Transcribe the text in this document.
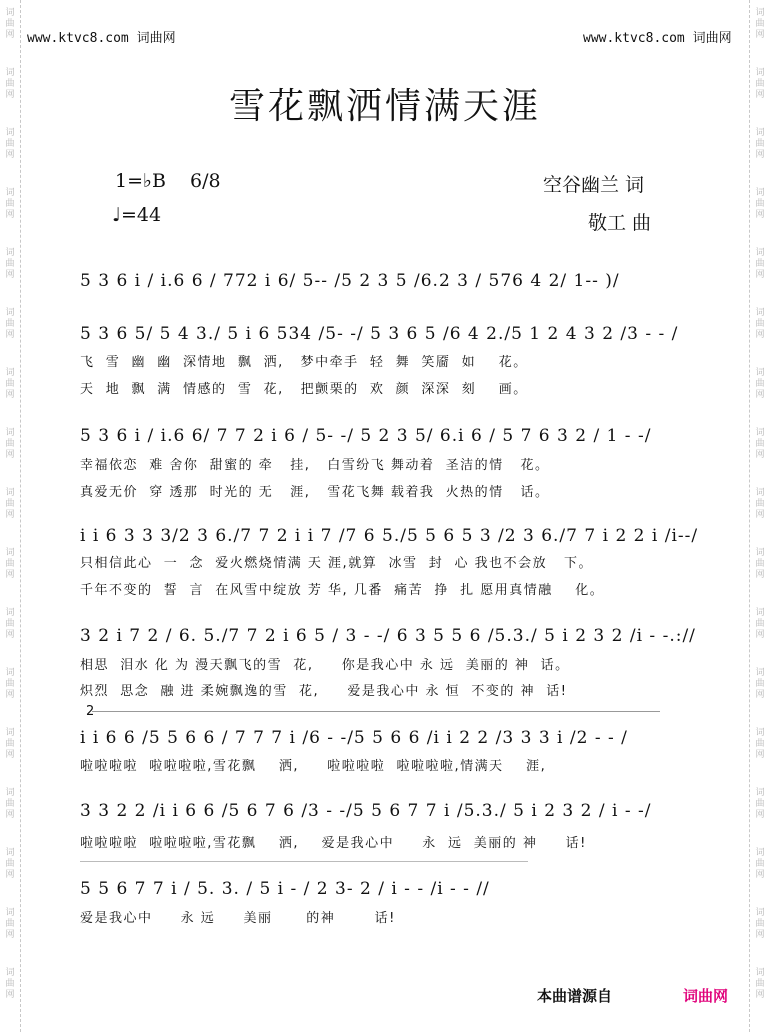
词
曲
网
词
曲
网
词
曲
网
词
曲
网
词
曲
网
词
曲
网
词
曲
网
词
曲
网
词
曲
网
词
曲
网
词
曲
网
词
曲
网
词
曲
网
词
曲
网
词
曲
网
词
曲
网
词
曲
网
词
曲
网
词
曲
网
词
曲
网
词
曲
网
词
曲
网
词
曲
网
词
曲
网
词
曲
网
词
曲
网
词
曲
网
词
曲
网
词
曲
网
词
曲
网
词
曲
网
词
曲
网
词
曲
网
词
曲
网
www.ktvc8.com 词曲网	www.ktvc8.com 词曲网
雪花飘洒情满天涯
1=♭B 6/8
♩=44
空谷幽兰 词
敬工 曲
5 3 6 i / i.6 6 / 772 i 6/ 5-- /5 2 3 5 /6.2 3 / 576 4 2/ 1-- )/
5 3 6 5/ 5 4 3./ 5 i 6 534 /5- -/ 5 3 6 5 /6 4 2./5 1 2 4 3 2 /3 - - /
飞  雪  幽  幽  深情地  飘  洒,   梦中牵手  轻  舞  笑靥  如    花。
天  地  飘  满  情感的  雪  花,   把颤栗的  欢  颜  深深  刻    画。
5 3 6 i / i.6 6/ 7 7 2 i 6 / 5- -/ 5 2 3 5/ 6.i 6 / 5 7 6 3 2 / 1 - -/
幸福依恋  难 舍你  甜蜜的 牵   挂,   白雪纷飞 舞动着  圣洁的情   花。
真爱无价  穿 透那  时光的 无   涯,   雪花飞舞 载着我  火热的情   话。
i i 6 3 3 3/2 3 6./7 7 2 i i 7 /7 6 5./5 5 6 5 3 /2 3 6./7 7 i 2 2 i /i--/
只相信此心  一  念  爱火燃烧情满 天 涯,就算  冰雪  封  心 我也不会放   下。
千年不变的  誓  言  在风雪中绽放 芳 华, 几番  痛苦  挣  扎 愿用真情融    化。
3 2 i 7 2 / 6. 5./7 7 2 i 6 5 / 3 - -/ 6 3 5 5 6 /5.3./ 5 i 2 3 2 /i - -.://
相思  泪水 化 为 漫天飘飞的雪  花,     你是我心中 永 远  美丽的 神  话。
炽烈  思念  融 进 柔婉飘逸的雪  花,     爱是我心中 永 恒  不变的 神  话!
2
i i 6 6 /5 5 6 6 / 7 7 7 i /6 - -/5 5 6 6 /i i 2 2 /3 3 3 i /2 - - /
啦啦啦啦  啦啦啦啦,雪花飘    洒,     啦啦啦啦  啦啦啦啦,情满天    涯,
3 3 2 2 /i i 6 6 /5 6 7 6 /3 - -/5 5 6 7 7 i /5.3./ 5 i 2 3 2 / i - -/
啦啦啦啦  啦啦啦啦,雪花飘    洒,    爱是我心中     永  远  美丽的 神     话!
5 5 6 7 7 i / 5. 3. / 5 i - / 2 3- 2 / i - - /i - - //
爱是我心中     永 远     美丽      的神       话!
本曲谱源自	词曲网
